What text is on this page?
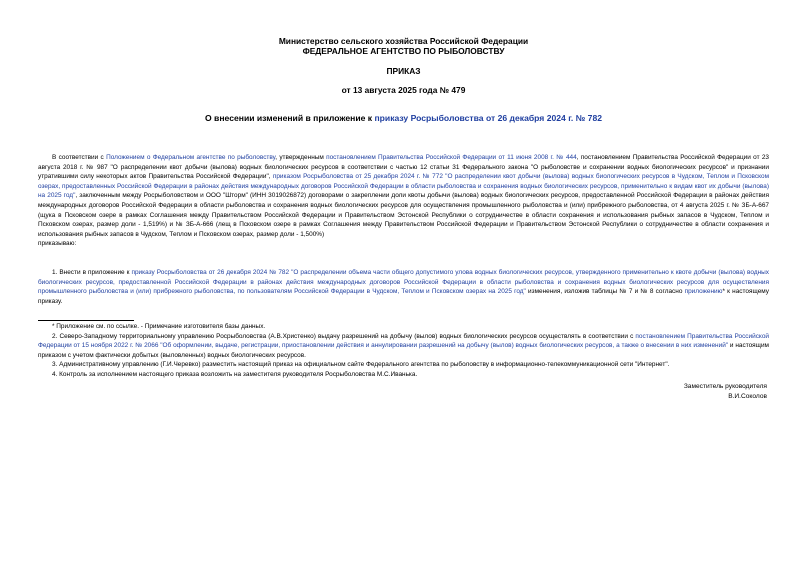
Министерство сельского хозяйства Российской Федерации
ФЕДЕРАЛЬНОЕ АГЕНТСТВО ПО РЫБОЛОВСТВУ
ПРИКАЗ
от 13 августа 2025 года № 479
О внесении изменений в приложение к приказу Росрыболовства от 26 декабря 2024 г. № 782

В соответствии с Положением о Федеральном агентстве по рыболовству, утвержденным постановлением Правительства Российской Федерации от 11 июня 2008 г. № 444, постановлением Правительства Российской Федерации от 23 августа 2018 г. № 987 "О распределении квот добычи (вылова) водных биологических ресурсов в соответствии с частью 12 статьи 31 Федерального закона "О рыболовстве и сохранении водных биологических ресурсов" и признании утратившими силу некоторых актов Правительства Российской Федерации", приказом Росрыболовства от 25 декабря 2024 г. № 772 "О распределении квот добычи (вылова) водных биологических ресурсов в Чудском, Теплом и Псковском озерах, предоставленных Российской Федерации в районах действия международных договоров Российской Федерации в области рыболовства и сохранения водных биологических ресурсов, применительно к видам квот их добычи (вылова) на 2025 год", заключенным между Росрыболовством и ООО "Шторм" (ИНН 3019026872) договорами о закреплении доли квоты добычи (вылова) водных биологических ресурсов, предоставленной Российской Федерации в районах действия международных договоров Российской Федерации в области рыболовства и сохранения водных биологических ресурсов для осуществления промышленного рыболовства и (или) прибрежного рыболовства, от 4 августа 2025 г. № ЗБ-А-667 (щука в Псковском озере в рамках Соглашения между Правительством Российской Федерации и Правительством Эстонской Республики о сотрудничестве в области сохранения и использования рыбных запасов в Чудском, Теплом и Псковском озерах, размер доли - 1,519%) и № ЗБ-А-666 (лещ в Псковском озере в рамках Соглашения между Правительством Российской Федерации и Правительством Эстонской Республики о сотрудничестве в области сохранения и использования рыбных запасов в Чудском, Теплом и Псковском озерах, размер доли - 1,500%)

приказываю:

1. Внести в приложение к приказу Росрыболовства от 26 декабря 2024 № 782 "О распределении объема части общего допустимого улова водных биологических ресурсов, утвержденного применительно к квоте добычи (вылова) водных биологических ресурсов, предоставленной Российской Федерации в районах действия международных договоров Российской Федерации в области рыболовства и сохранения водных биологических ресурсов для осуществления промышленного рыболовства и (или) прибрежного рыболовства, по пользователям Российской Федерации в Чудском, Теплом и Псковском озерах на 2025 год" изменения, изложив таблицы № 7 и № 8 согласно приложению* к настоящему приказу.

* Приложение см. по ссылке. - Примечание изготовителя базы данных.

2. Северо-Западному территориальному управлению Росрыболовства (А.В.Христенко) выдачу разрешений на добычу (вылов) водных биологических ресурсов осуществлять в соответствии с постановлением Правительства Российской Федерации от 15 ноября 2022 г. № 2066 "Об оформлении, выдаче, регистрации, приостановлении действия и аннулировании разрешений на добычу (вылов) водных биологических ресурсов, а также о внесении в них изменений" и настоящим приказом с учетом фактически добытых (выловленных) водных биологических ресурсов.

3. Административному управлению (Г.И.Черевко) разместить настоящий приказ на официальном сайте Федерального агентства по рыболовству в информационно-телекоммуникационной сети "Интернет".

4. Контроль за исполнением настоящего приказа возложить на заместителя руководителя Росрыболовства М.С.Иванька.

Заместитель руководителя
В.И.Соколов
